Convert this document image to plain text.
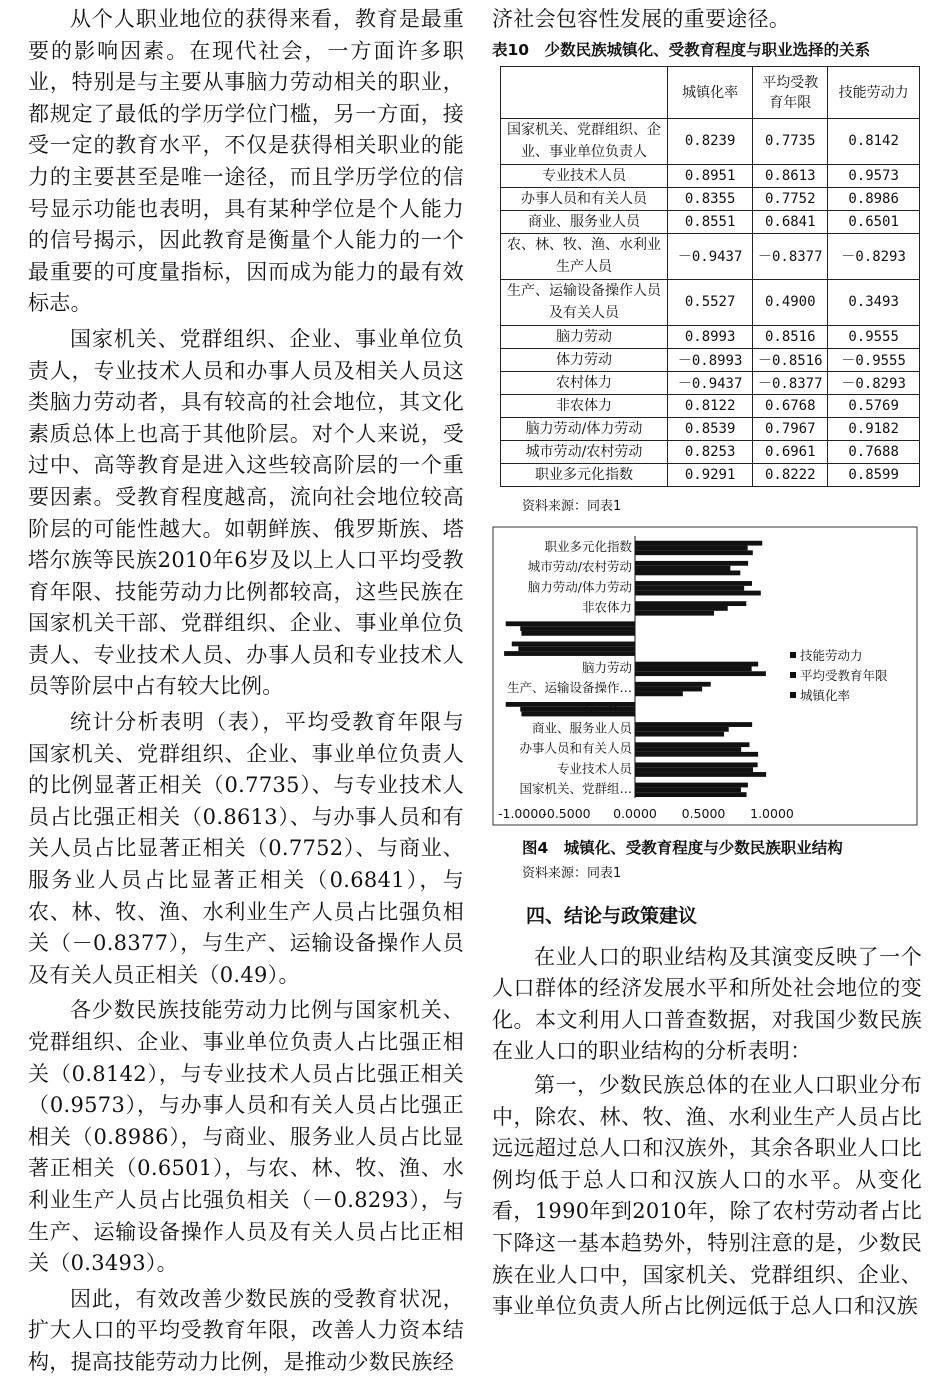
从个人职业地位的获得来看，教育是最重要的影响因素。在现代社会，一方面许多职业，特别是与主要从事脑力劳动相关的职业，都规定了最低的学历学位门槛，另一方面，接受一定的教育水平，不仅是获得相关职业的能力的主要甚至是唯一途径，而且学历学位的信号显示功能也表明，具有某种学位是个人能力的信号揭示，因此教育是衡量个人能力的一个最重要的可度量指标，因而成为能力的最有效标志。

国家机关、党群组织、企业、事业单位负责人，专业技术人员和办事人员及相关人员这类脑力劳动者，具有较高的社会地位，其文化素质总体上也高于其他阶层。对个人来说，受过中、高等教育是进入这些较高阶层的一个重要因素。受教育程度越高，流向社会地位较高阶层的可能性越大。如朝鲜族、俄罗斯族、塔塔尔族等民族2010年6岁及以上人口平均受教育年限、技能劳动力比例都较高，这些民族在国家机关干部、党群组织、企业、事业单位负责人、专业技术人员、办事人员和专业技术人员等阶层中占有较大比例。

统计分析表明（表），平均受教育年限与国家机关、党群组织、企业、事业单位负责人的比例显著正相关（0.7735）、与专业技术人员占比强正相关（0.8613）、与办事人员和有关人员占比显著正相关（0.7752）、与商业、服务业人员占比显著正相关（0.6841），与农、林、牧、渔、水利业生产人员占比强负相关（－0.8377），与生产、运输设备操作人员及有关人员正相关（0.49）。

各少数民族技能劳动力比例与国家机关、党群组织、企业、事业单位负责人占比强正相关（0.8142），与专业技术人员占比强正相关（0.9573），与办事人员和有关人员占比强正相关（0.8986），与商业、服务业人员占比显著正相关（0.6501），与农、林、牧、渔、水利业生产人员占比强负相关（－0.8293），与生产、运输设备操作人员及有关人员占比正相关（0.3493）。

因此，有效改善少数民族的受教育状况，扩大人口的平均受教育年限，改善人力资本结构，提高技能劳动力比例，是推动少数民族经

济社会包容性发展的重要途径。

表10　少数民族城镇化、受教育程度与职业选择的关系
	城镇化率	平均受教育年限	技能劳动力
国家机关、党群组织、企业、事业单位负责人	0.8239	0.7735	0.8142
专业技术人员	0.8951	0.8613	0.9573
办事人员和有关人员	0.8355	0.7752	0.8986
商业、服务业人员	0.8551	0.6841	0.6501
农、林、牧、渔、水利业生产人员	－0.9437	－0.8377	－0.8293
生产、运输设备操作人员及有关人员	0.5527	0.4900	0.3493
脑力劳动	0.8993	0.8516	0.9555
体力劳动	－0.8993	－0.8516	－0.9555
农村体力	－0.9437	－0.8377	－0.8293
非农体力	0.8122	0.6768	0.5769
脑力劳动/体力劳动	0.8539	0.7967	0.9182
城市劳动/农村劳动	0.8253	0.6961	0.7688
职业多元化指数	0.9291	0.8222	0.8599
资料来源：同表1
国家机关、党群组…
专业技术人员
办事人员和有关人员
商业、服务业人员
农、林…
生产、运输设备操作…
脑力劳动
非农体力
脑力劳动/体力劳动
城市劳动/农村劳动
职业多元化指数
-1.0000
-0.5000 0.0000 0.5000 1.0000
技能劳动力
平均受教育年限
城镇化率
图4　城镇化、受教育程度与少数民族职业结构
资料来源：同表1
四、结论与政策建议

在业人口的职业结构及其演变反映了一个人口群体的经济发展水平和所处社会地位的变化。本文利用人口普查数据，对我国少数民族在业人口的职业结构的分析表明：

第一，少数民族总体的在业人口职业分布中，除农、林、牧、渔、水利业生产人员占比远远超过总人口和汉族外，其余各职业人口比例均低于总人口和汉族人口的水平。从变化看，1990年到2010年，除了农村劳动者占比下降这一基本趋势外，特别注意的是，少数民族在业人口中，国家机关、党群组织、企业、事业单位负责人所占比例远低于总人口和汉族
